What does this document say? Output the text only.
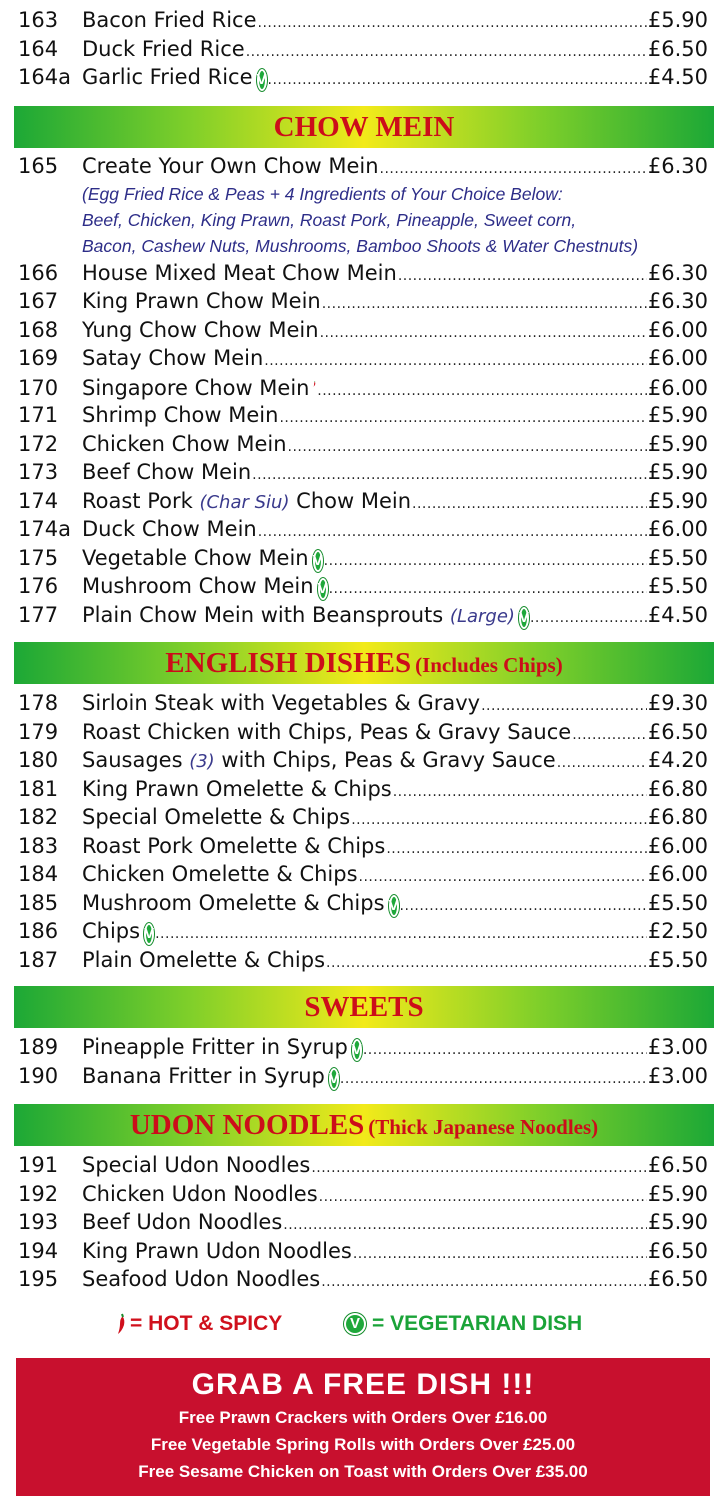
163	Bacon Fried Rice .....	£5.90
164	Duck Fried Rice .....	£6.50
164a Garlic Fried Rice V .....	£4.50
CHOW MEIN
165	Create Your Own Chow Mein .....	£6.30
(Egg Fried Rice & Peas + 4 Ingredients of Your Choice Below:
Beef, Chicken, King Prawn, Roast Pork, Pineapple, Sweet corn,
Bacon, Cashew Nuts, Mushrooms, Bamboo Shoots & Water Chestnuts)
166	House Mixed Meat Chow Mein .....	£6.30
167	King Prawn Chow Mein .....	£6.30
168	Yung Chow Chow Mein .....	£6.00
169	Satay Chow Mein .....	£6.00
170	Singapore Chow Mein .....	£6.00
171	Shrimp Chow Mein .....	£5.90
172	Chicken Chow Mein .....	£5.90
173	Beef Chow Mein .....	£5.90
174	Roast Pork (Char Siu) Chow Mein .....	£5.90
174a Duck Chow Mein .....	£6.00
175	Vegetable Chow Mein V .....	£5.50
176	Mushroom Chow Mein V .....	£5.50
177	Plain Chow Mein with Beansprouts (Large) V .....	£4.50
ENGLISH DISHES (Includes Chips)
178	Sirloin Steak with Vegetables & Gravy .....	£9.30
179	Roast Chicken with Chips, Peas & Gravy Sauce .....	£6.50
180	Sausages (3) with Chips, Peas & Gravy Sauce .....	£4.20
181	King Prawn Omelette & Chips .....	£6.80
182	Special Omelette & Chips .....	£6.80
183	Roast Pork Omelette & Chips .....	£6.00
184	Chicken Omelette & Chips .....	£6.00
185	Mushroom Omelette & Chips V .....	£5.50
186	Chips V .....	£2.50
187	Plain Omelette & Chips .....	£5.50
SWEETS
189	Pineapple Fritter in Syrup V .....	£3.00
190	Banana Fritter in Syrup V .....	£3.00
UDON NOODLES (Thick Japanese Noodles)
191	Special Udon Noodles .....	£6.50
192	Chicken Udon Noodles .....	£5.90
193	Beef Udon Noodles .....	£5.90
194	King Prawn Udon Noodles .....	£6.50
195	Seafood Udon Noodles .....	£6.50
= HOT & SPICY	V = VEGETARIAN DISH
GRAB A FREE DISH !!!
Free Prawn Crackers with Orders Over £16.00
Free Vegetable Spring Rolls with Orders Over £25.00
Free Sesame Chicken on Toast with Orders Over £35.00
